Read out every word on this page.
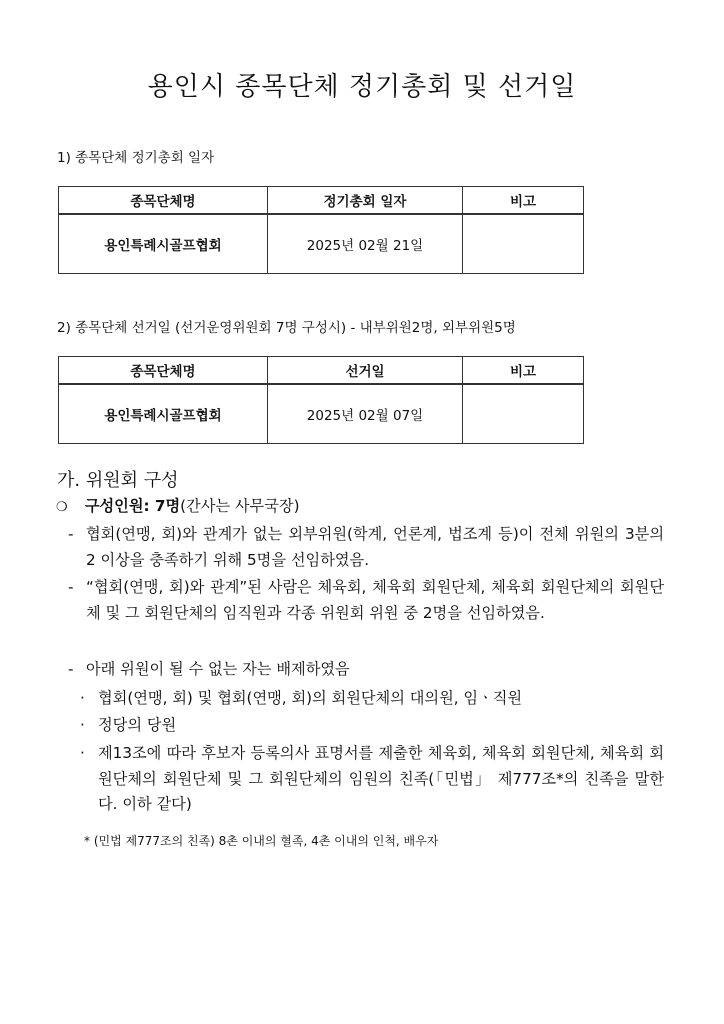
용인시 종목단체 정기총회 및 선거일
1) 종목단체 정기총회 일자
종목단체명	정기총회 일자	비고
용인특례시골프협회	2025년 02월 21일	
2) 종목단체 선거일 (선거운영위원회 7명 구성시) - 내부위원2명, 외부위원5명
종목단체명	선거일	비고
용인특례시골프협회	2025년 02월 07일	
가. 위원회 구성
❍ 구성인원: 7명(간사는 사무국장)
- 협회(연맹, 회)와 관계가 없는 외부위원(학계, 언론계, 법조계 등)이 전체 위원의 3분의 2 이상을 충족하기 위해 5명을 선임하였음.
- “협회(연맹, 회)와 관계”된 사람은 체육회, 체육회 회원단체, 체육회 회원단체의 회원단체 및 그 회원단체의 임직원과 각종 위원회 위원 중 2명을 선임하였음.
- 아래 위원이 될 수 없는 자는 배제하였음
· 협회(연맹, 회) 및 협회(연맹, 회)의 회원단체의 대의원, 임ㆍ직원
· 정당의 당원
· 제13조에 따라 후보자 등록의사 표명서를 제출한 체육회, 체육회 회원단체, 체육회 회원단체의 회원단체 및 그 회원단체의 임원의 친족(「민법」 제777조*의 친족을 말한다. 이하 같다)
* (민법 제777조의 친족) 8촌 이내의 혈족, 4촌 이내의 인척, 배우자
